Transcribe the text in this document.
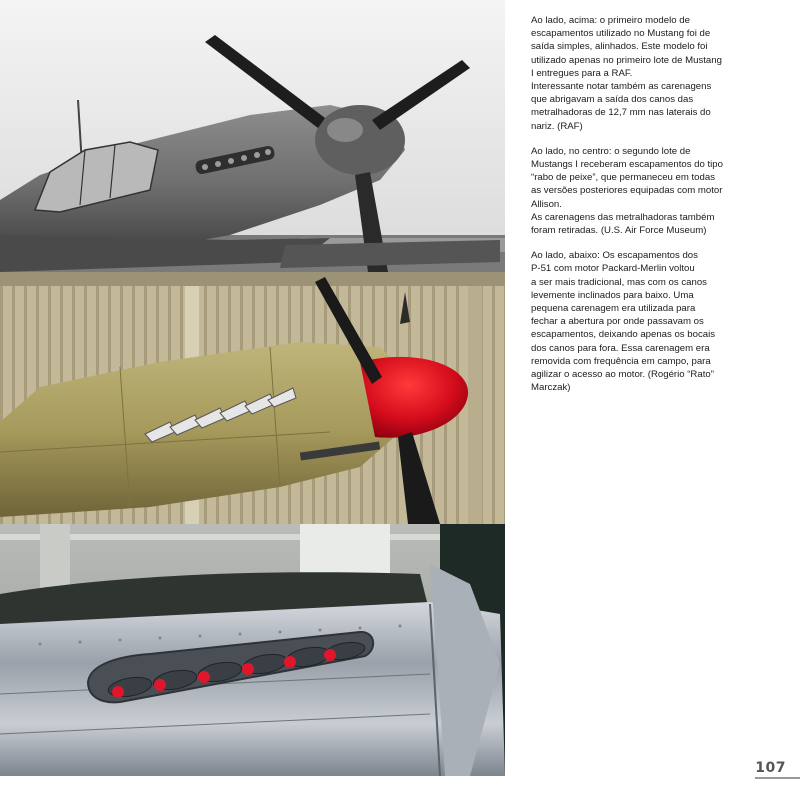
Ao lado, acima: o primeiro modelo de
escapamentos utilizado no Mustang foi de
saída simples, alinhados. Este modelo foi
utilizado apenas no primeiro lote de Mustang
I entregues para a RAF.
Interessante notar também as carenagens
que abrigavam a saída dos canos das
metralhadoras de 12,7 mm nas laterais do
nariz. (RAF)

Ao lado, no centro: o segundo lote de
Mustangs I receberam escapamentos do tipo
“rabo de peixe”, que permaneceu em todas
as versões posteriores equipadas com motor
Allison.
As carenagens das metralhadoras também
foram retiradas. (U.S. Air Force Museum)

Ao lado, abaixo: Os escapamentos dos
P-51 com motor Packard-Merlin voltou
a ser mais tradicional, mas com os canos
levemente inclinados para baixo. Uma
pequena carenagem era utilizada para
fechar a abertura por onde passavam os
escapamentos, deixando apenas os bocais
dos canos para fora. Essa carenagem era
removida com frequência em campo, para
agilizar o acesso ao motor. (Rogério “Rato”
Marczak)

107
